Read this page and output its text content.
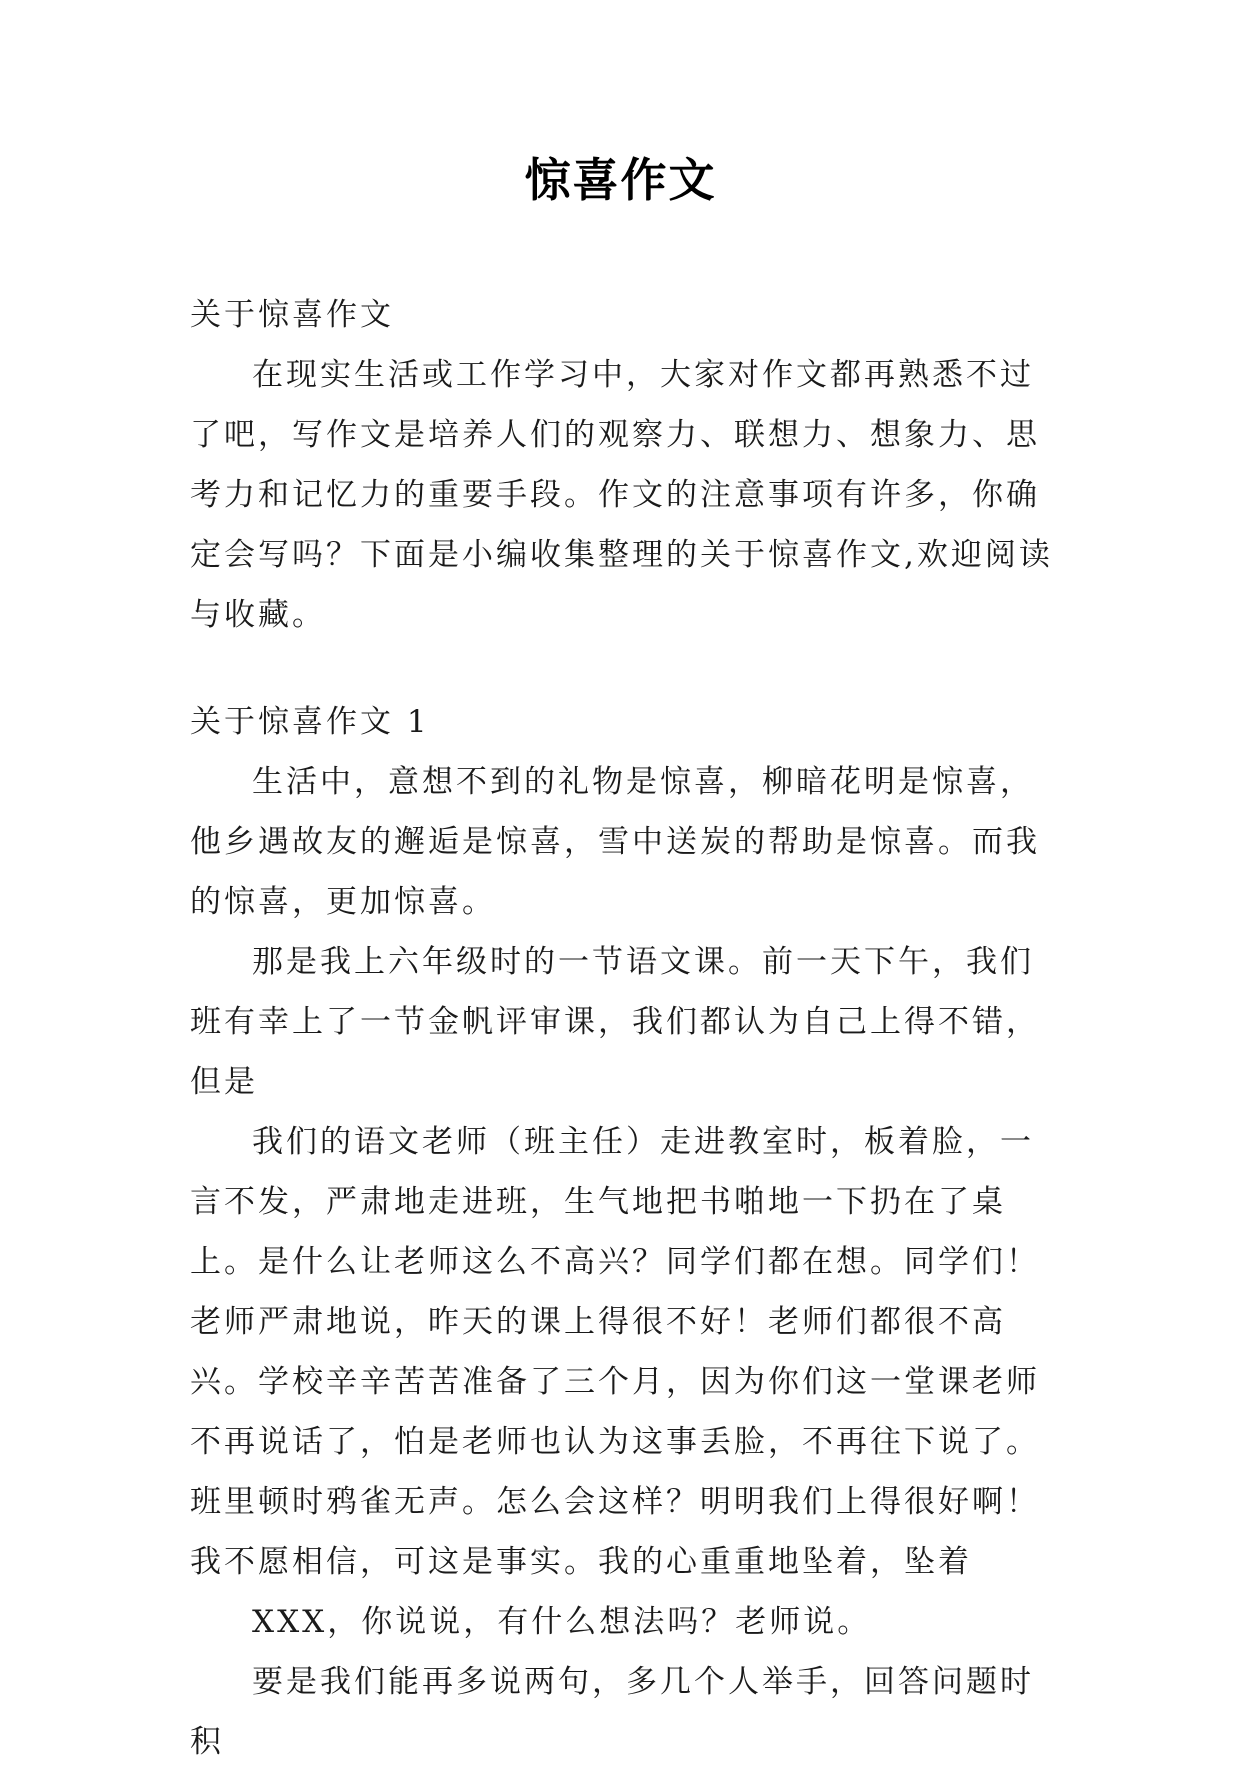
惊喜作文

关于惊喜作文

在现实生活或工作学习中，大家对作文都再熟悉不过了吧，写作文是培养人们的观察力、联想力、想象力、思考力和记忆力的重要手段。作文的注意事项有许多，你确定会写吗？下面是小编收集整理的关于惊喜作文,欢迎阅读与收藏。

关于惊喜作文 1

生活中，意想不到的礼物是惊喜，柳暗花明是惊喜，他乡遇故友的邂逅是惊喜，雪中送炭的帮助是惊喜。而我的惊喜，更加惊喜。

那是我上六年级时的一节语文课。前一天下午，我们班有幸上了一节金帆评审课，我们都认为自己上得不错，但是

我们的语文老师（班主任）走进教室时，板着脸，一言不发，严肃地走进班，生气地把书啪地一下扔在了桌上。是什么让老师这么不高兴？同学们都在想。同学们！老师严肃地说，昨天的课上得很不好！老师们都很不高兴。学校辛辛苦苦准备了三个月，因为你们这一堂课老师不再说话了，怕是老师也认为这事丢脸，不再往下说了。班里顿时鸦雀无声。怎么会这样？明明我们上得很好啊！我不愿相信，可这是事实。我的心重重地坠着，坠着

XXX，你说说，有什么想法吗？老师说。

要是我们能再多说两句，多几个人举手，回答问题时积
